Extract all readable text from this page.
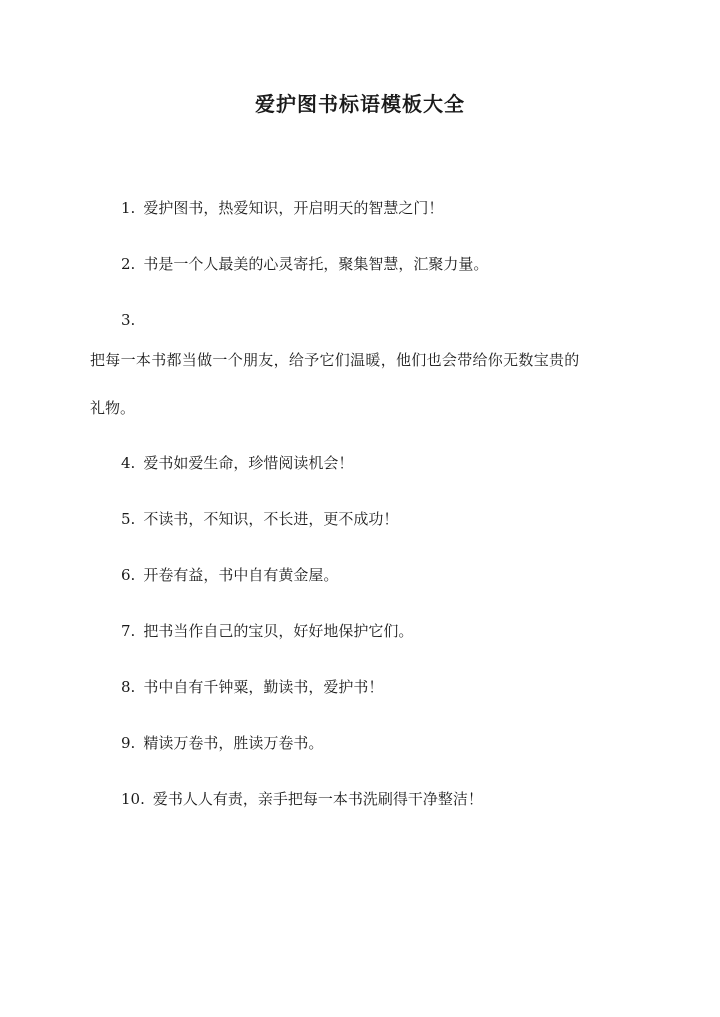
爱护图书标语模板大全
1. 爱护图书，热爱知识，开启明天的智慧之门！
2. 书是一个人最美的心灵寄托，聚集智慧，汇聚力量。
3.
把每一本书都当做一个朋友，给予它们温暖，他们也会带给你无数宝贵的
礼物。
4. 爱书如爱生命，珍惜阅读机会！
5. 不读书，不知识，不长进，更不成功！
6. 开卷有益，书中自有黄金屋。
7. 把书当作自己的宝贝，好好地保护它们。
8. 书中自有千钟粟，勤读书，爱护书！
9. 精读万卷书，胜读万卷书。
10. 爱书人人有责，亲手把每一本书洗刷得干净整洁！
